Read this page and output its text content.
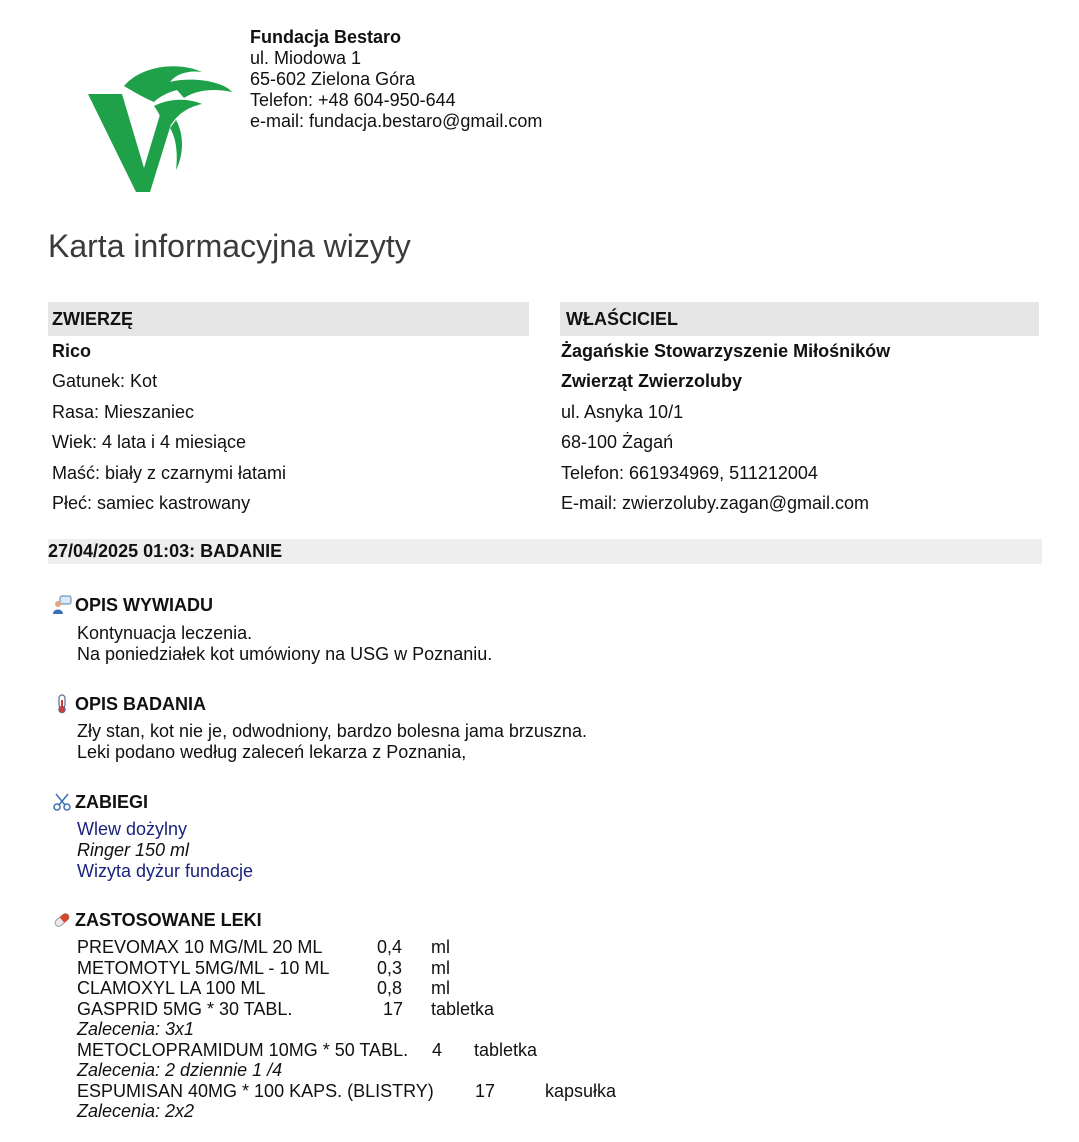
Fundacja Bestaro
ul. Miodowa 1
65-602 Zielona Góra
Telefon: +48 604-950-644
e-mail: fundacja.bestaro@gmail.com
Karta informacyjna wizyty
ZWIERZĘ
Rico
Gatunek: Kot
Rasa: Mieszaniec
Wiek: 4 lata i 4 miesiące
Maść: biały z czarnymi łatami
Płeć: samiec kastrowany
WŁAŚCICIEL
Żagańskie Stowarzyszenie Miłośników
Zwierząt Zwierzoluby
ul. Asnyka 10/1
68-100 Żagań
Telefon: 661934969, 511212004
E-mail: zwierzoluby.zagan@gmail.com
27/04/2025 01:03: BADANIE
OPIS WYWIADU
Kontynuacja leczenia.
Na poniedziałek kot umówiony na USG w Poznaniu.
OPIS BADANIA
Zły stan, kot nie je, odwodniony, bardzo bolesna jama brzuszna.
Leki podano według zaleceń lekarza z Poznania,
ZABIEGI
Wlew dożylny
Ringer 150 ml
Wizyta dyżur fundacje
ZASTOSOWANE LEKI
PREVOMAX 10 MG/ML 20 ML	0,4 ml
METOMOTYL 5MG/ML - 10 ML	0,3 ml
CLAMOXYL LA 100 ML	0,8 ml
GASPRID 5MG * 30 TABL.	17 tabletka
Zalecenia: 3x1
METOCLOPRAMIDUM 10MG * 50 TABL. 4 tabletka
Zalecenia: 2 dziennie 1 /4
ESPUMISAN 40MG * 100 KAPS. (BLISTRY) 17	kapsułka
Zalecenia: 2x2
